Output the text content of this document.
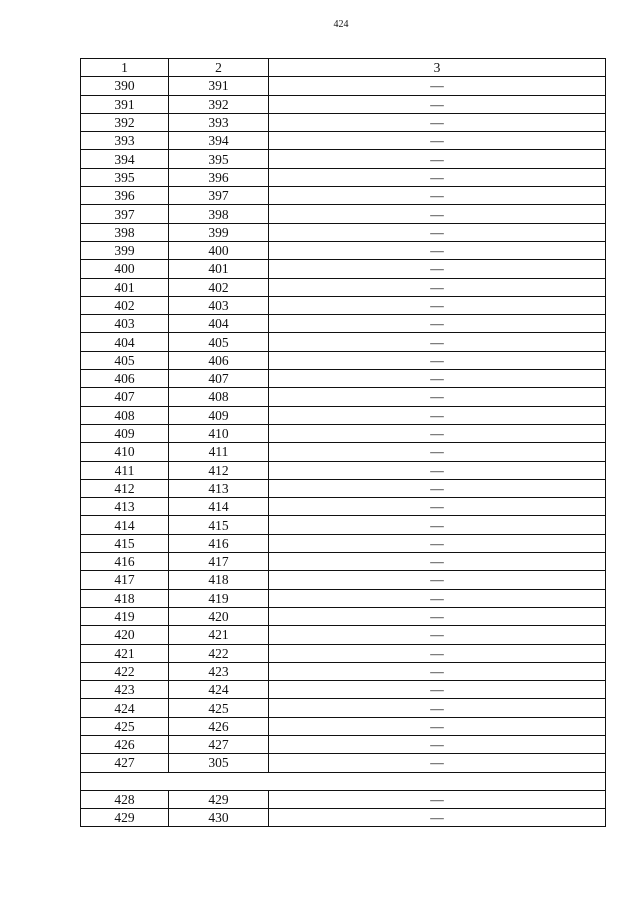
424
1	2	3
390	391	—
391	392	—
392	393	—
393	394	—
394	395	—
395	396	—
396	397	—
397	398	—
398	399	—
399	400	—
400	401	—
401	402	—
402	403	—
403	404	—
404	405	—
405	406	—
406	407	—
407	408	—
408	409	—
409	410	—
410	411	—
411	412	—
412	413	—
413	414	—
414	415	—
415	416	—
416	417	—
417	418	—
418	419	—
419	420	—
420	421	—
421	422	—
422	423	—
423	424	—
424	425	—
425	426	—
426	427	—
427	305	—

428	429	—
429	430	—
